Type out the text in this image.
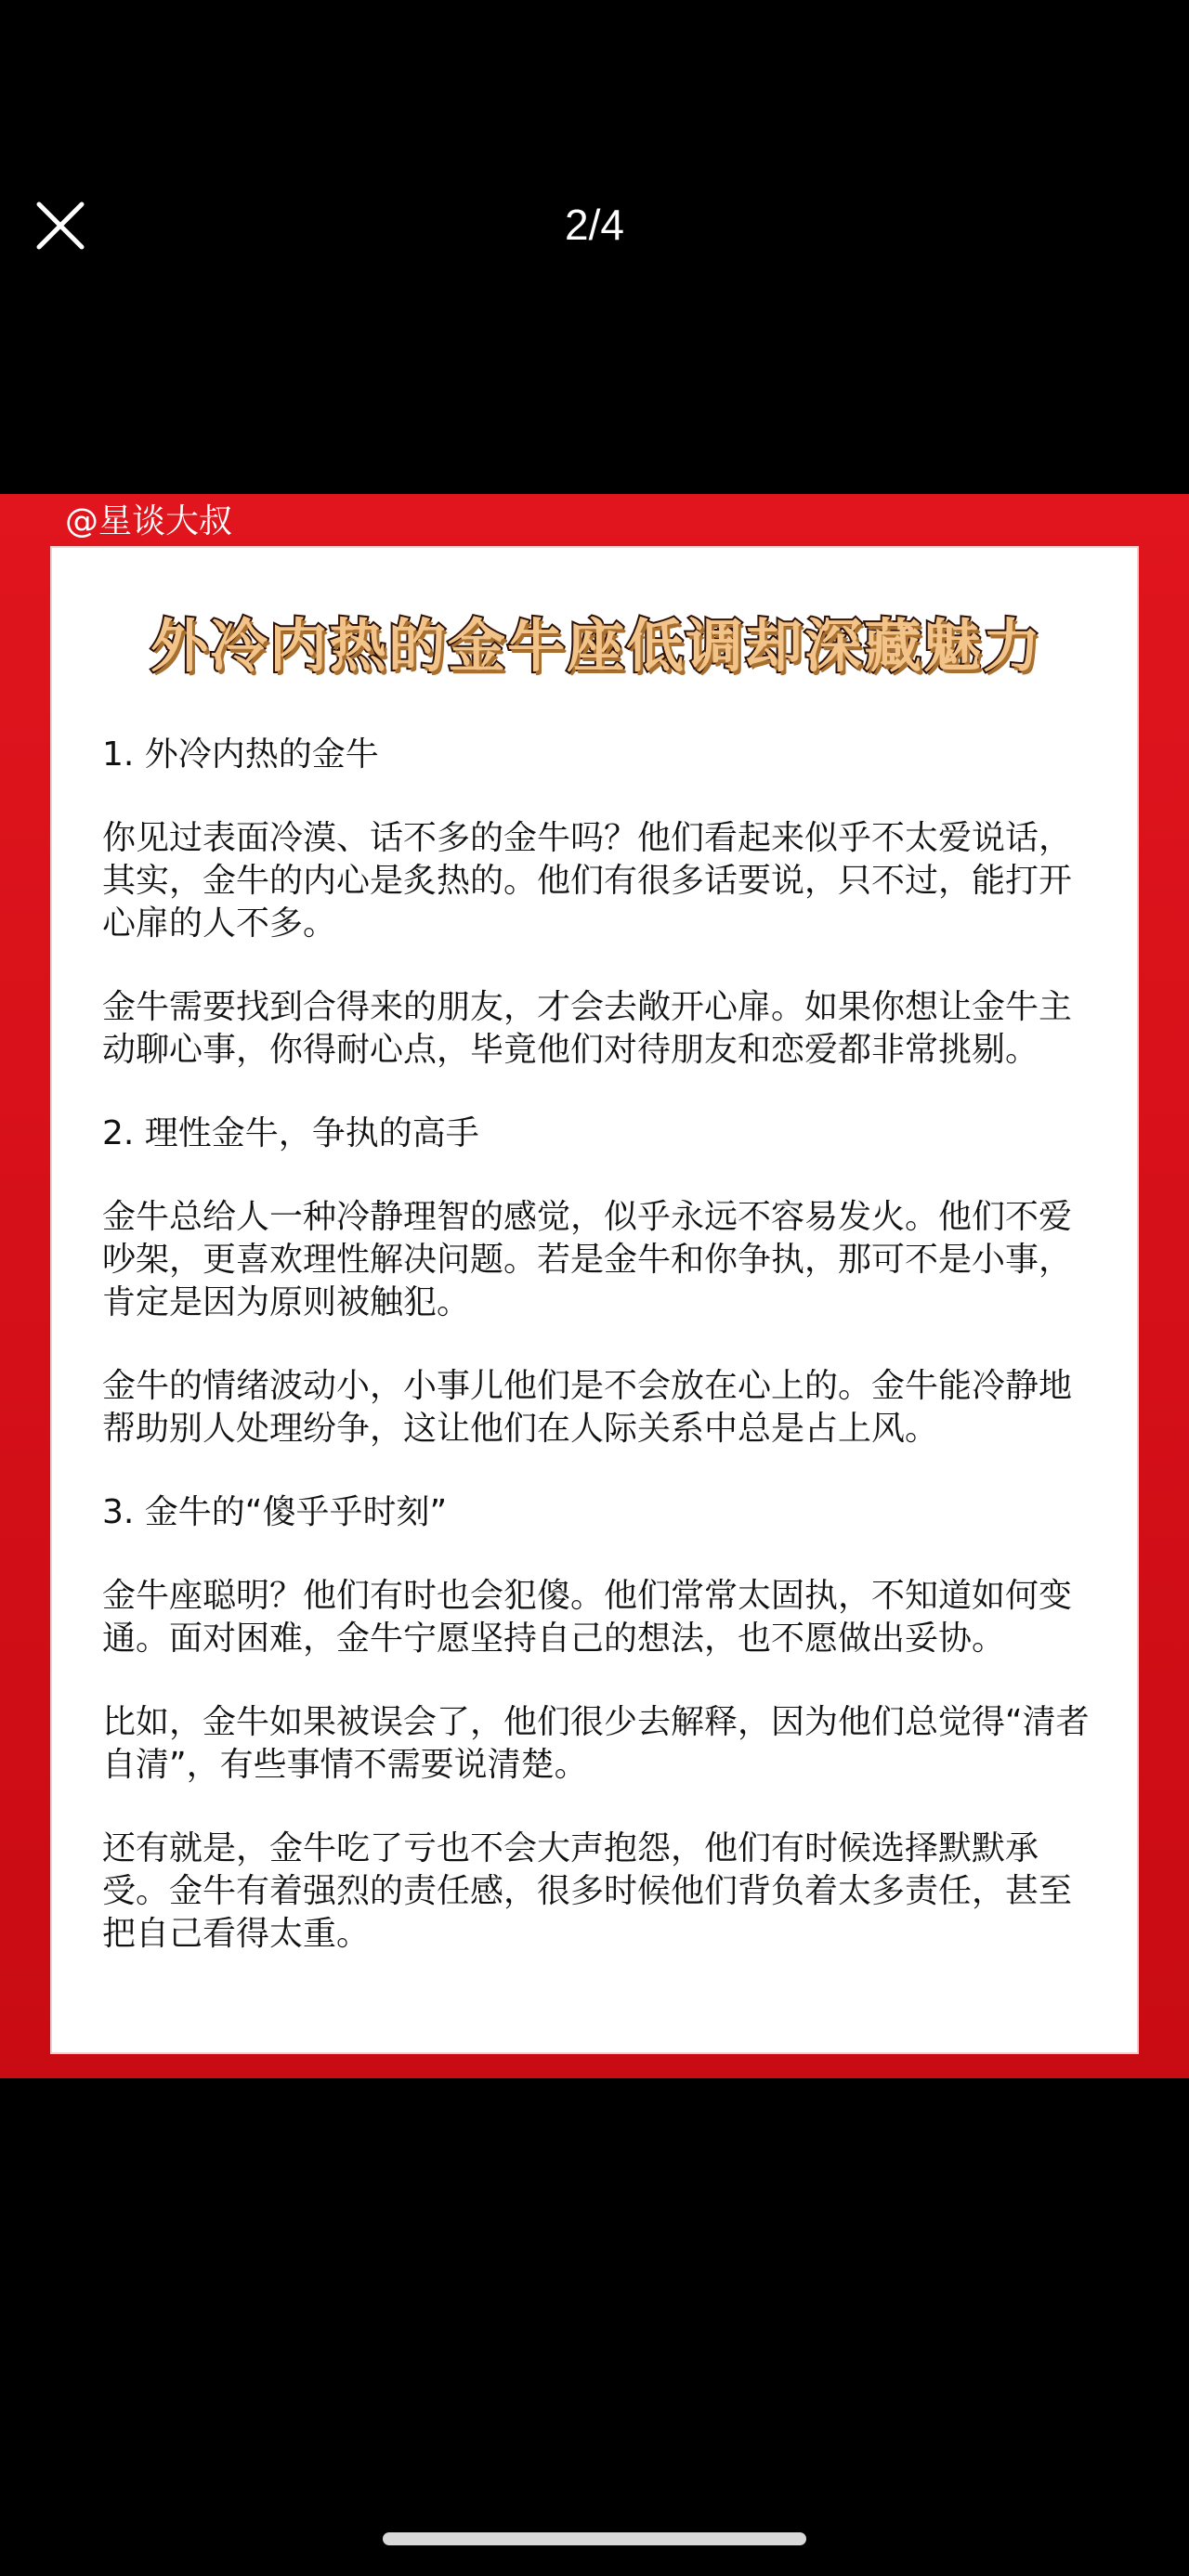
2/4
@星谈大叔
外冷内热的金牛座低调却深藏魅力
1. 外冷内热的金牛
你见过表面冷漠、话不多的金牛吗？他们看起来似乎不太爱说话，其实，金牛的内心是炙热的。他们有很多话要说，只不过，能打开心扉的人不多。
金牛需要找到合得来的朋友，才会去敞开心扉。如果你想让金牛主动聊心事，你得耐心点，毕竟他们对待朋友和恋爱都非常挑剔。
2. 理性金牛，争执的高手
金牛总给人一种冷静理智的感觉，似乎永远不容易发火。他们不爱吵架，更喜欢理性解决问题。若是金牛和你争执，那可不是小事，肯定是因为原则被触犯。
金牛的情绪波动小，小事儿他们是不会放在心上的。金牛能冷静地帮助别人处理纷争，这让他们在人际关系中总是占上风。
3. 金牛的“傻乎乎时刻”
金牛座聪明？他们有时也会犯傻。他们常常太固执，不知道如何变通。面对困难，金牛宁愿坚持自己的想法，也不愿做出妥协。
比如，金牛如果被误会了，他们很少去解释，因为他们总觉得“清者自清”，有些事情不需要说清楚。
还有就是，金牛吃了亏也不会大声抱怨，他们有时候选择默默承受。金牛有着强烈的责任感，很多时候他们背负着太多责任，甚至把自己看得太重。
